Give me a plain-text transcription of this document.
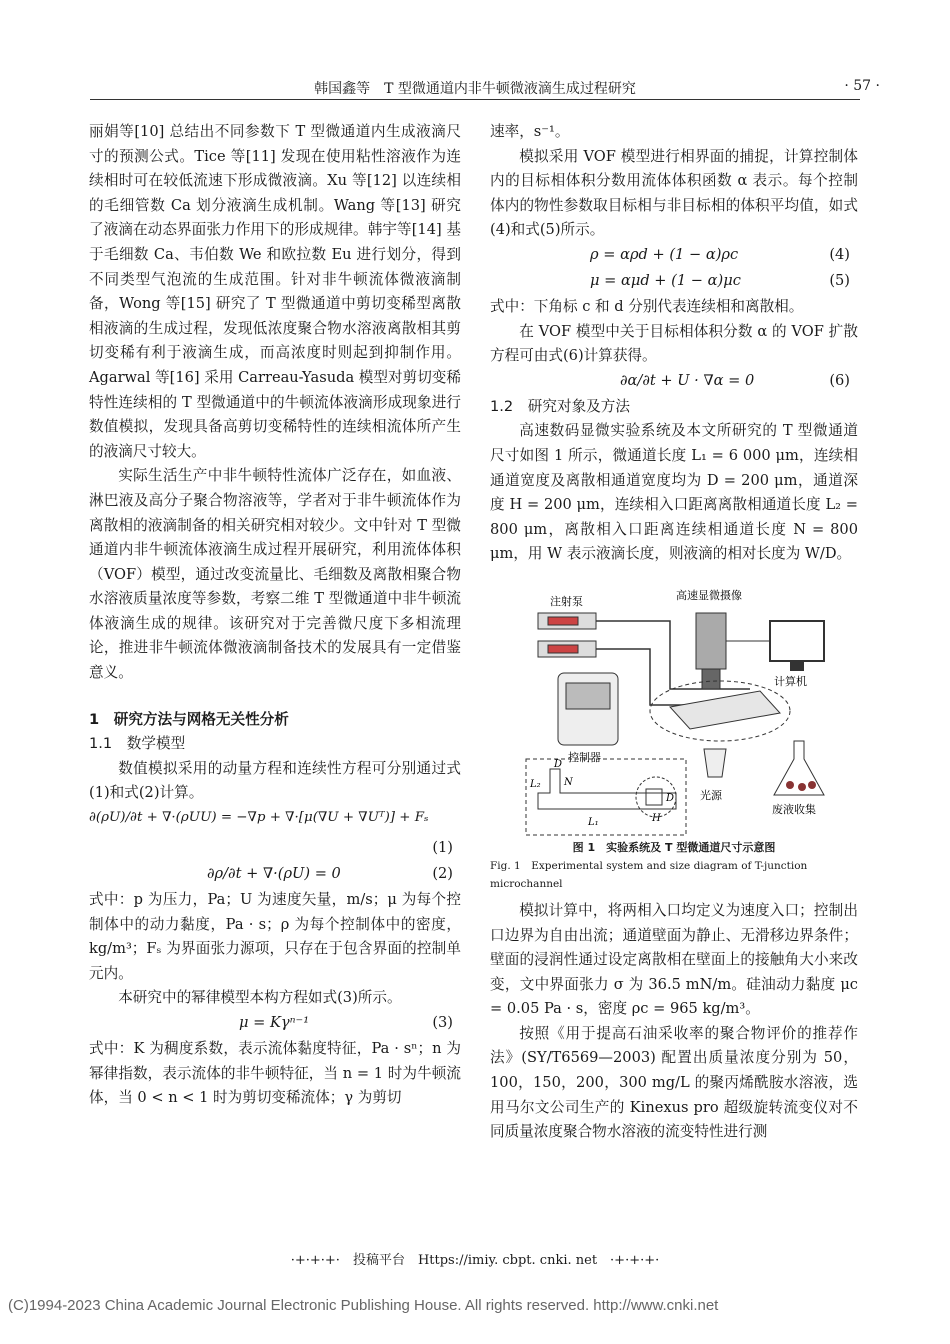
韩国鑫等　T 型微通道内非牛顿微液滴生成过程研究	· 57 ·

丽娟等[10] 总结出不同参数下 T 型微通道内生成液滴尺寸的预测公式。Tice 等[11] 发现在使用粘性溶液作为连续相时可在较低流速下形成微液滴。Xu 等[12] 以连续相的毛细管数 Ca 划分液滴生成机制。Wang 等[13] 研究了液滴在动态界面张力作用下的形成规律。韩宇等[14] 基于毛细数 Ca、韦伯数 We 和欧拉数 Eu 进行划分，得到不同类型气泡流的生成范围。针对非牛顿流体微液滴制备，Wong 等[15] 研究了 T 型微通道中剪切变稀型离散相液滴的生成过程，发现低浓度聚合物水溶液离散相其剪切变稀有利于液滴生成，而高浓度时则起到抑制作用。Agarwal 等[16] 采用 Carreau-Yasuda 模型对剪切变稀特性连续相的 T 型微通道中的牛顿流体液滴形成现象进行数值模拟，发现具备高剪切变稀特性的连续相流体所产生的液滴尺寸较大。

实际生活生产中非牛顿特性流体广泛存在，如血液、淋巴液及高分子聚合物溶液等，学者对于非牛顿流体作为离散相的液滴制备的相关研究相对较少。文中针对 T 型微通道内非牛顿流体液滴生成过程开展研究，利用流体体积（VOF）模型，通过改变流量比、毛细数及离散相聚合物水溶液质量浓度等参数，考察二维 T 型微通道中非牛顿流体液滴生成的规律。该研究对于完善微尺度下多相流理论，推进非牛顿流体微液滴制备技术的发展具有一定借鉴意义。

1　研究方法与网格无关性分析

1.1　数学模型

数值模拟采用的动量方程和连续性方程可分别通过式(1)和式(2)计算。

∂(ρU)/∂t + ∇·(ρUU) = −∇p + ∇·[μ(∇U + ∇Uᵀ)] + Fₛ
(1)
∂ρ/∂t + ∇·(ρU) = 0	(2)

式中：p 为压力，Pa；U 为速度矢量，m/s；μ 为每个控制体中的动力黏度，Pa · s；ρ 为每个控制体中的密度，kg/m³；Fₛ 为界面张力源项，只存在于包含界面的控制单元内。

本研究中的幂律模型本构方程如式(3)所示。

μ = Kγⁿ⁻¹	(3)

式中：K 为稠度系数，表示流体黏度特征，Pa · sⁿ；n 为幂律指数，表示流体的非牛顿特征，当 n = 1 时为牛顿流体，当 0 < n < 1 时为剪切变稀流体；γ 为剪切

速率，s⁻¹。

模拟采用 VOF 模型进行相界面的捕捉，计算控制体内的目标相体积分数用流体体积函数 α 表示。每个控制体内的物性参数取目标相与非目标相的体积平均值，如式(4)和式(5)所示。

ρ = αρd + (1 − α)ρc	(4)
μ = αμd + (1 − α)μc	(5)

式中：下角标 c 和 d 分别代表连续相和离散相。

在 VOF 模型中关于目标相体积分数 α 的 VOF 扩散方程可由式(6)计算获得。

∂α/∂t + U · ∇α = 0	(6)

1.2　研究对象及方法

高速数码显微实验系统及本文所研究的 T 型微通道尺寸如图 1 所示，微通道长度 L₁ = 6 000 μm，连续相通道宽度及离散相通道宽度均为 D = 200 μm，通道深度 H = 200 μm，连续相入口距离离散相通道长度 L₂ = 800 μm，离散相入口距离连续相通道长度 N = 800 μm，用 W 表示液滴长度，则液滴的相对长度为 W/D。

注射泵
控制器
高速显微摄像
计算机
光源
废液收集
D
L₂ N
L₁
D
H
图 1　实验系统及 T 型微通道尺寸示意图
Fig. 1　Experimental system and size diagram of T-junction microchannel

模拟计算中，将两相入口均定义为速度入口；控制出口边界为自由出流；通道壁面为静止、无滑移边界条件；壁面的浸润性通过设定离散相在壁面上的接触角大小来改变，文中界面张力 σ 为 36.5 mN/m。硅油动力黏度 μc = 0.05 Pa · s，密度 ρc = 965 kg/m³。

按照《用于提高石油采收率的聚合物评价的推荐作法》(SY/T6569—2003) 配置出质量浓度分别为 50，100，150，200，300 mg/L 的聚丙烯酰胺水溶液，选用马尔文公司生产的 Kinexus pro 超级旋转流变仪对不同质量浓度聚合物水溶液的流变特性进行测

·+·+·+·　投稿平台　Https://imiy. cbpt. cnki. net　·+·+·+·
(C)1994-2023 China Academic Journal Electronic Publishing House. All rights reserved. http://www.cnki.net
